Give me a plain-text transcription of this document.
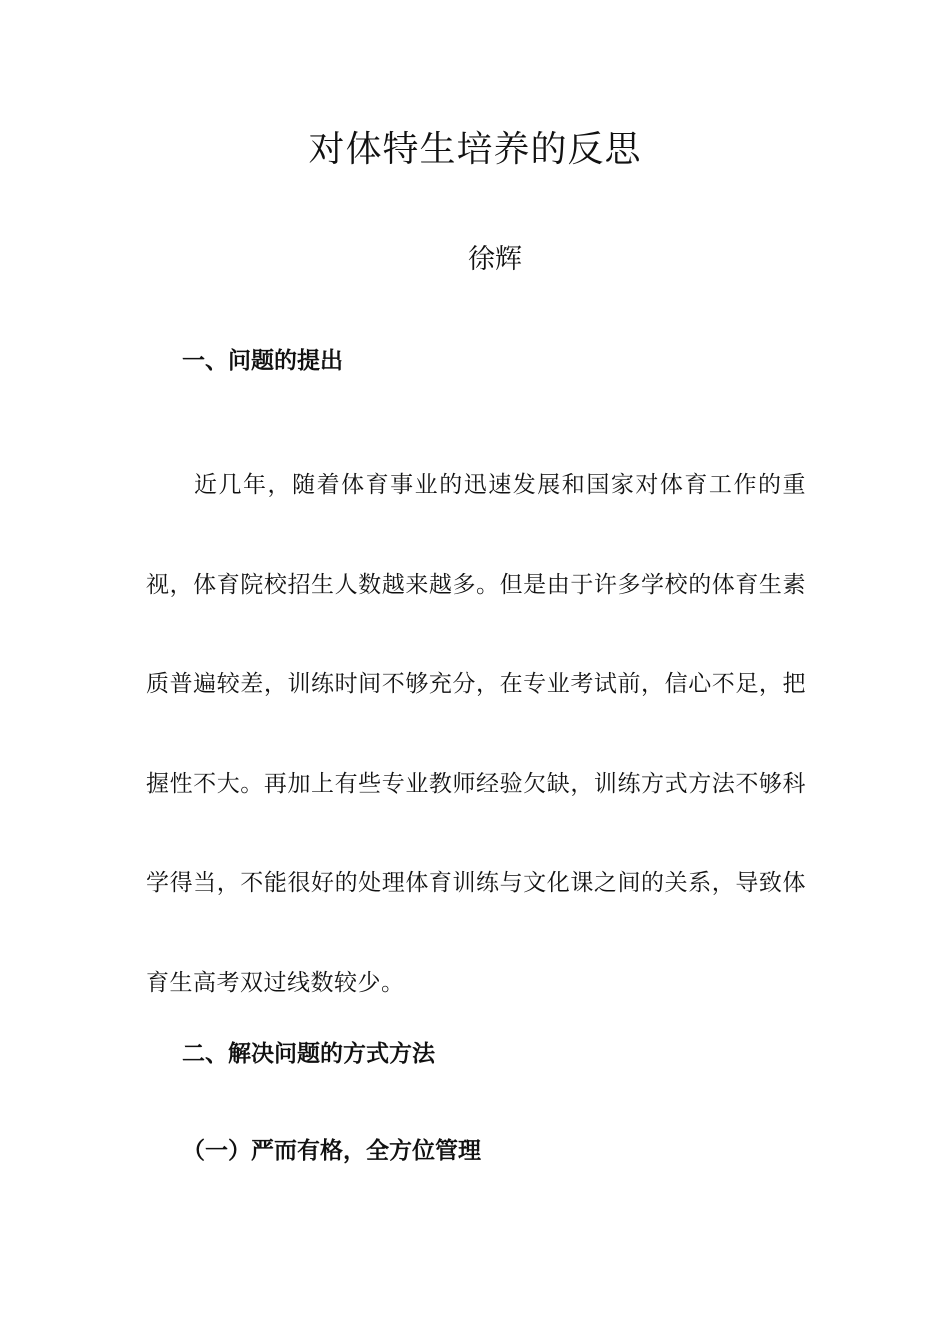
对体特生培养的反思
徐辉
一、问题的提出
近几年，随着体育事业的迅速发展和国家对体育工作的重视，体育院校招生人数越来越多。但是由于许多学校的体育生素质普遍较差，训练时间不够充分，在专业考试前，信心不足，把握性不大。再加上有些专业教师经验欠缺，训练方式方法不够科学得当，不能很好的处理体育训练与文化课之间的关系，导致体育生高考双过线数较少。
二、解决问题的方式方法
（一）严而有格，全方位管理
